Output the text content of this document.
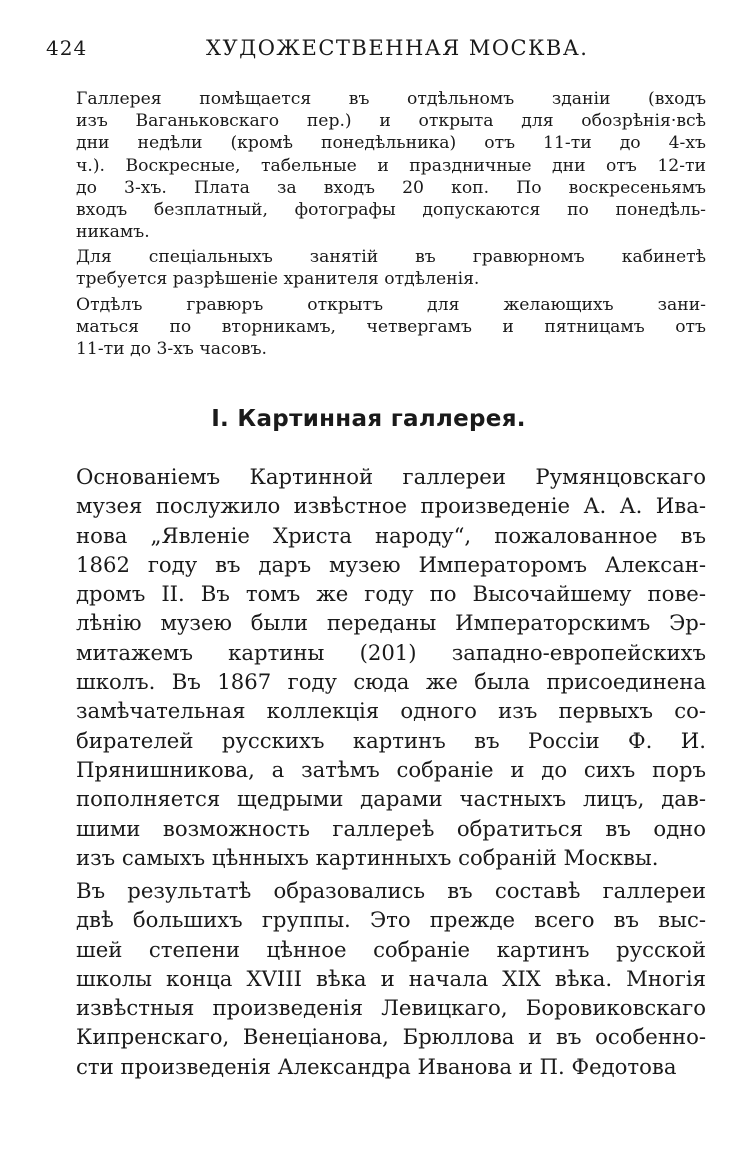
424	ХУДОЖЕСТВЕННАЯ МОСКВА.
Галлерея помѣщается въ отдѣльномъ зданiи (входъ
изъ Ваганьковскаго пер.) и открыта для обозрѣнiя·всѣ
дни недѣли (кромѣ понедѣльника) отъ 11-ти до 4-хъ
ч.). Воскресные, табельные и праздничные дни отъ 12-ти
до 3-хъ. Плата за входъ 20 коп. По воскресеньямъ
входъ безплатный, фотографы допускаются по понедѣль-
никамъ.
Для спецiальныхъ занятiй въ гравюрномъ кабинетѣ
требуется разрѣшенiе хранителя отдѣленiя.
Отдѣлъ гравюръ открытъ для желающихъ зани-
маться по вторникамъ, четвергамъ и пятницамъ отъ
11-ти до 3-хъ часовъ.
I. Картинная галлерея.
Основанiемъ Картинной галлереи Румянцовскаго
музея послужило извѣстное произведенiе А. А. Ива-
нова „Явленiе Христа народу“, пожалованное въ
1862 году въ даръ музею Императоромъ Алексан-
дромъ II. Въ томъ же году по Высочайшему пове-
лѣнiю музею были переданы Императорскимъ Эр-
митажемъ картины (201) западно-европейскихъ
школъ. Въ 1867 году сюда же была присоединена
замѣчательная коллекцiя одного изъ первыхъ со-
бирателей русскихъ картинъ въ Россiи Ф. И.
Прянишникова, а затѣмъ собранiе и до сихъ поръ
пополняется щедрыми дарами частныхъ лицъ, дав-
шими возможность галлереѣ обратиться въ одно
изъ самыхъ цѣнныхъ картинныхъ собранiй Москвы.
Въ результатѣ образовались въ составѣ галлереи
двѣ большихъ группы. Это прежде всего въ выс-
шей степени цѣнное собранiе картинъ русской
школы конца XVIII вѣка и начала XIX вѣка. Многiя
извѣстныя произведенiя Левицкаго, Боровиковскаго
Кипренскаго, Венецiанова, Брюллова и въ особенно-
сти произведенiя Александра Иванова и П. Федотова
